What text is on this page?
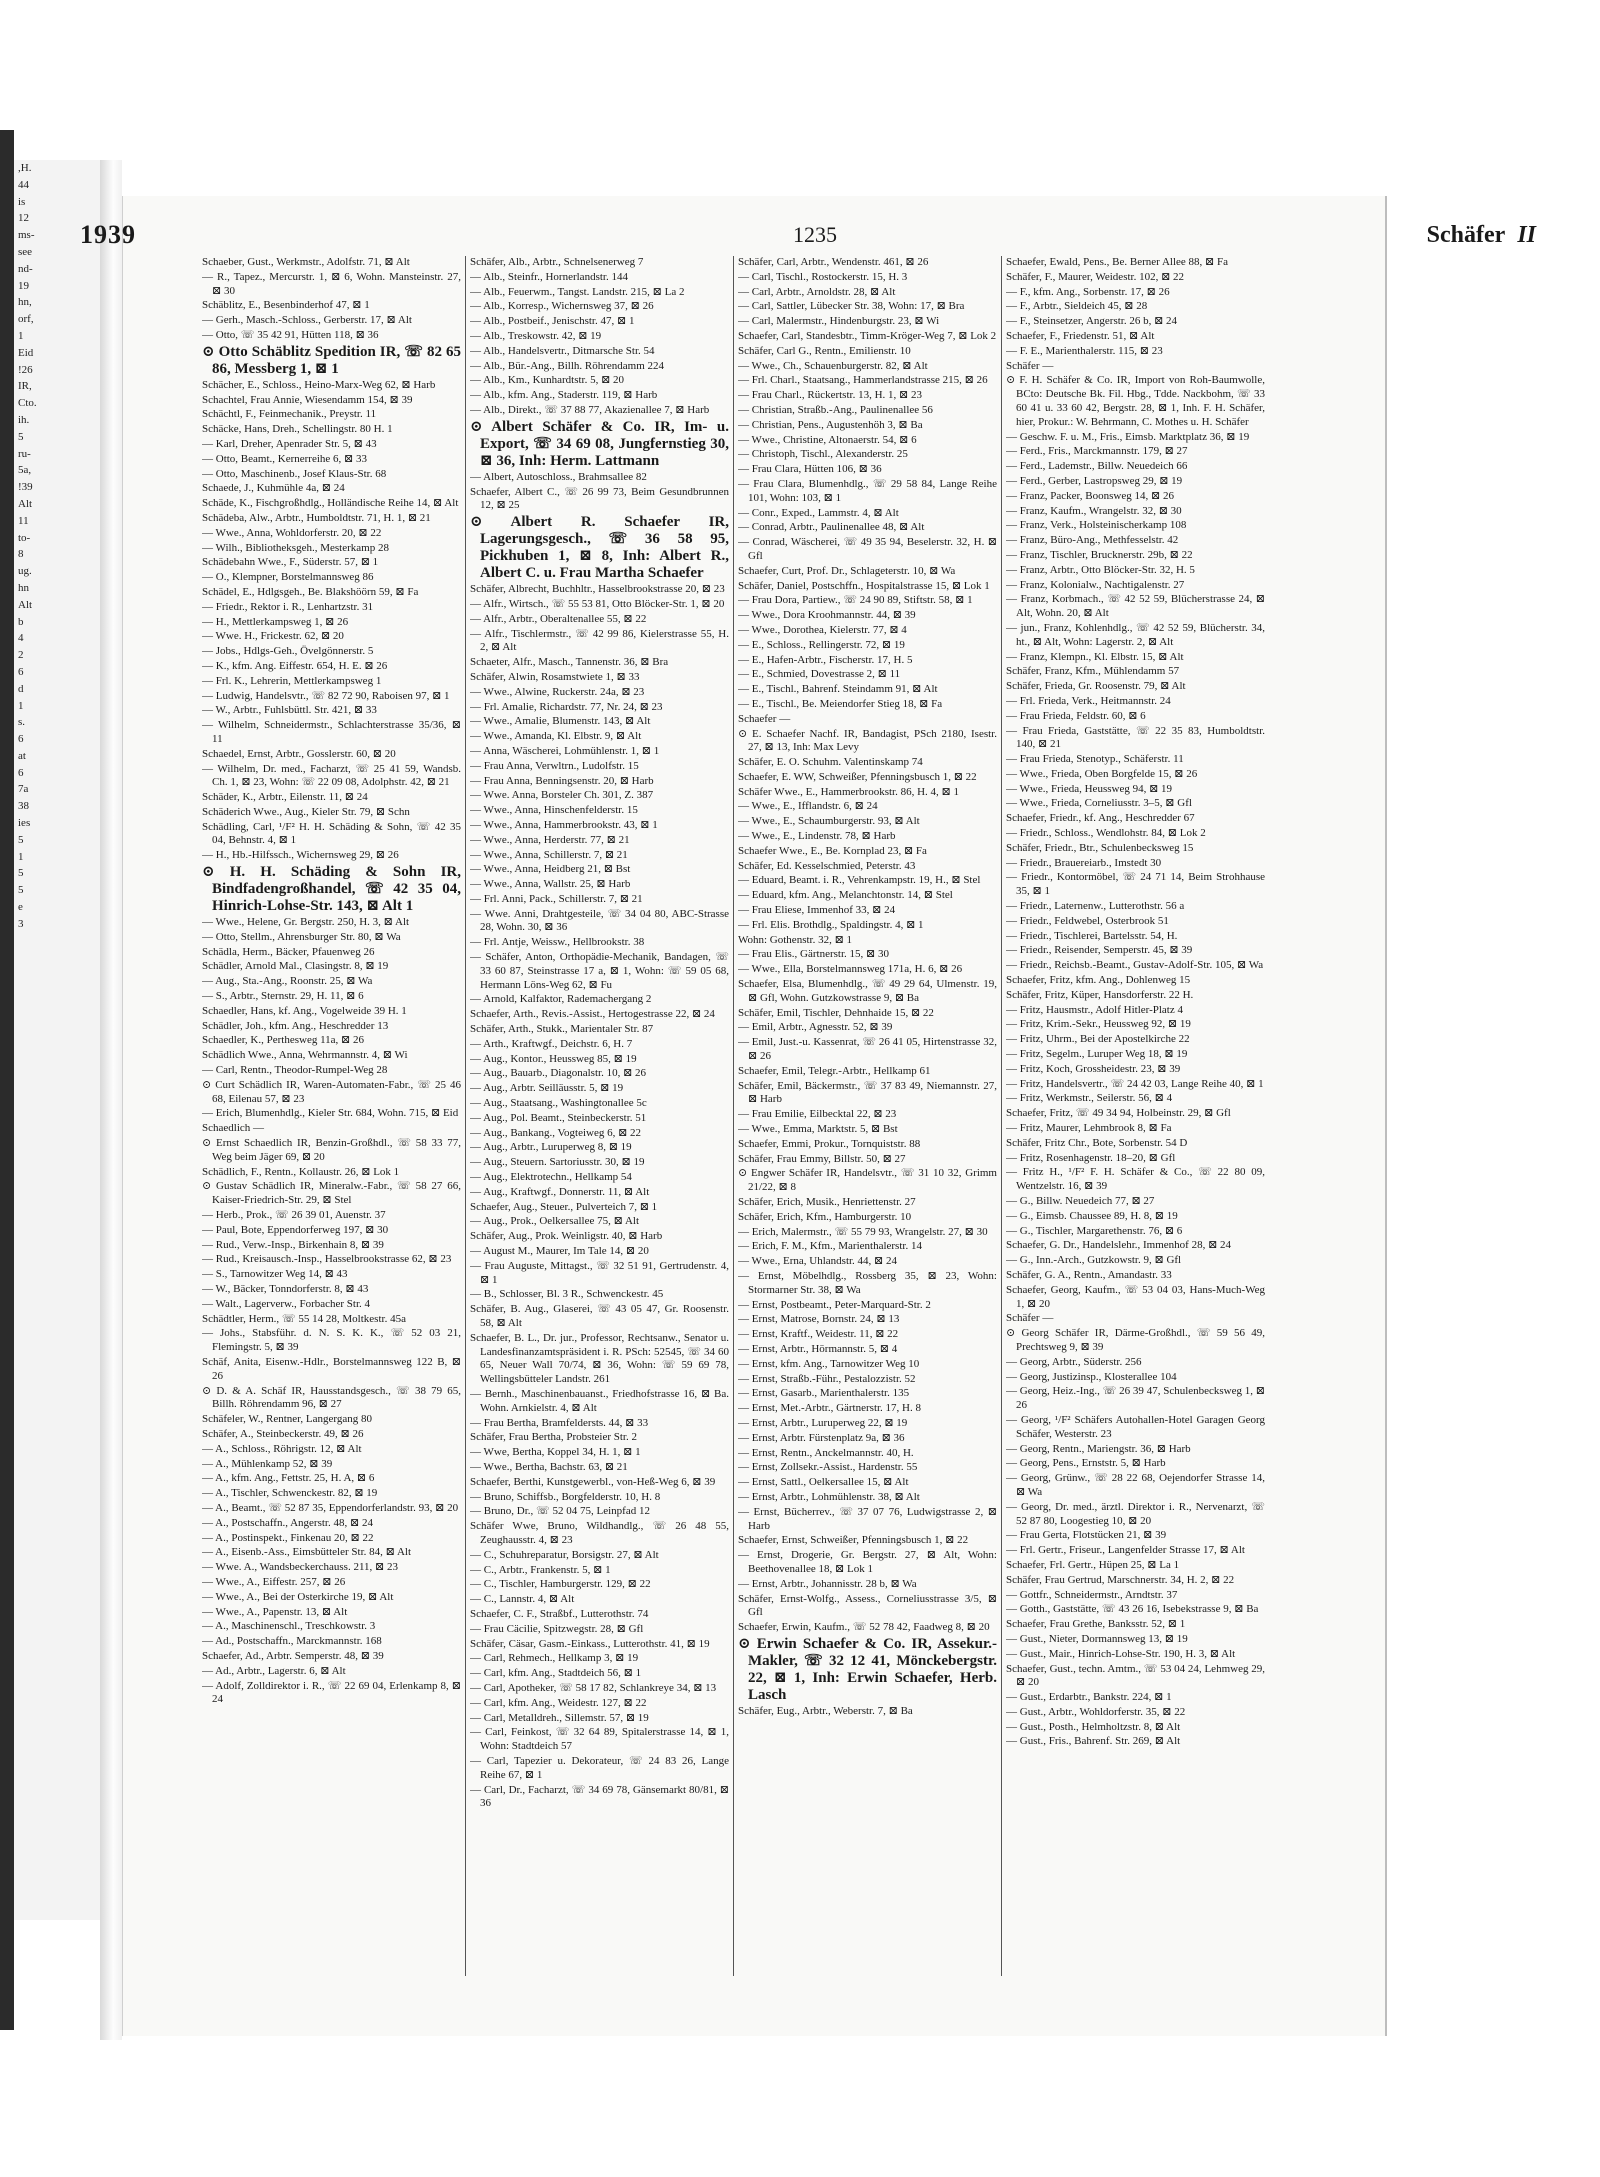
,H.
44
is
12
ms-
see
nd-
19
hn,
orf,
1
Eid
!26
IR,
Cto.
ih.
5
ru-
5a,
!39
Alt
11
to-
8
ug.
hn
Alt
b
4
2
6
d
1
s.
6
at
6
7a
38
ies
5
1
5
5
e
3
1939	1235	Schäfer II
Schaeber, Gust., Werkmstr., Adolfstr. 71, ⊠ Alt
— R., Tapez., Mercurstr. 1, ⊠ 6, Wohn. Mansteinstr. 27, ⊠ 30
Schäblitz, E., Besenbinderhof 47, ⊠ 1
— Gerh., Masch.-Schloss., Gerberstr. 17, ⊠ Alt
— Otto, ☏ 35 42 91, Hütten 118, ⊠ 36
⊙ Otto Schäblitz Spedition IR, ☏ 82 65 86, Messberg 1, ⊠ 1
Schächer, E., Schloss., Heino-Marx-Weg 62, ⊠ Harb
Schachtel, Frau Annie, Wiesendamm 154, ⊠ 39
Schächtl, F., Feinmechanik., Preystr. 11
Schäcke, Hans, Dreh., Schellingstr. 80 H. 1
— Karl, Dreher, Apenrader Str. 5, ⊠ 43
— Otto, Beamt., Kernerreihe 6, ⊠ 33
— Otto, Maschinenb., Josef Klaus-Str. 68
Schaede, J., Kuhmühle 4a, ⊠ 24
Schäde, K., Fischgroßhdlg., Holländische Reihe 14, ⊠ Alt
Schädeba, Alw., Arbtr., Humboldtstr. 71, H. 1, ⊠ 21
— Wwe., Anna, Wohldorferstr. 20, ⊠ 22
— Wilh., Bibliotheksgeh., Mesterkamp 28
Schädebahn Wwe., F., Süderstr. 57, ⊠ 1
— O., Klempner, Borstelmannsweg 86
Schädel, E., Hdlgsgeh., Be. Blakshöörn 59, ⊠ Fa
— Friedr., Rektor i. R., Lenhartzstr. 31
— H., Mettlerkampsweg 1, ⊠ 26
— Wwe. H., Frickestr. 62, ⊠ 20
— Jobs., Hdlgs-Geh., Övelgönnerstr. 5
— K., kfm. Ang. Eiffestr. 654, H. E. ⊠ 26
— Frl. K., Lehrerin, Mettlerkampsweg 1
— Ludwig, Handelsvtr., ☏ 82 72 90, Raboisen 97, ⊠ 1
— W., Arbtr., Fuhlsbüttl. Str. 421, ⊠ 33
— Wilhelm, Schneidermstr., Schlachterstrasse 35/36, ⊠ 11
Schaedel, Ernst, Arbtr., Gosslerstr. 60, ⊠ 20
— Wilhelm, Dr. med., Facharzt, ☏ 25 41 59, Wandsb. Ch. 1, ⊠ 23, Wohn: ☏ 22 09 08, Adolphstr. 42, ⊠ 21
Schäder, K., Arbtr., Eilenstr. 11, ⊠ 24
Schäderich Wwe., Aug., Kieler Str. 79, ⊠ Schn
Schädling, Carl, ¹/F² H. H. Schäding & Sohn, ☏ 42 35 04, Behnstr. 4, ⊠ 1
— H., Hb.-Hilfssch., Wichernsweg 29, ⊠ 26
⊙ H. H. Schäding & Sohn IR, Bindfadengroßhandel, ☏ 42 35 04, Hinrich-Lohse-Str. 143, ⊠ Alt 1
— Wwe., Helene, Gr. Bergstr. 250, H. 3, ⊠ Alt
— Otto, Stellm., Ahrensburger Str. 80, ⊠ Wa
Schädla, Herm., Bäcker, Pfauenweg 26
Schädler, Arnold Mal., Clasingstr. 8, ⊠ 19
— Aug., Sta.-Ang., Roonstr. 25, ⊠ Wa
— S., Arbtr., Sternstr. 29, H. 11, ⊠ 6
Schaedler, Hans, kf. Ang., Vogelweide 39 H. 1
Schädler, Joh., kfm. Ang., Heschredder 13
Schaedler, K., Perthesweg 11a, ⊠ 26
Schädlich Wwe., Anna, Wehrmannstr. 4, ⊠ Wi
— Carl, Rentn., Theodor-Rumpel-Weg 28
⊙ Curt Schädlich IR, Waren-Automaten-Fabr., ☏ 25 46 68, Eilenau 57, ⊠ 23
— Erich, Blumenhdlg., Kieler Str. 684, Wohn. 715, ⊠ Eid
Schaedlich —
⊙ Ernst Schaedlich IR, Benzin-Großhdl., ☏ 58 33 77, Weg beim Jäger 69, ⊠ 20
Schädlich, F., Rentn., Kollaustr. 26, ⊠ Lok 1
⊙ Gustav Schädlich IR, Mineralw.-Fabr., ☏ 58 27 66, Kaiser-Friedrich-Str. 29, ⊠ Stel
— Herb., Prok., ☏ 26 39 01, Auenstr. 37
— Paul, Bote, Eppendorferweg 197, ⊠ 30
— Rud., Verw.-Insp., Birkenhain 8, ⊠ 39
— Rud., Kreisausch.-Insp., Hasselbrookstrasse 62, ⊠ 23
— S., Tarnowitzer Weg 14, ⊠ 43
— W., Bäcker, Tonndorferstr. 8, ⊠ 43
— Walt., Lagerverw., Forbacher Str. 4
Schädtler, Herm., ☏ 55 14 28, Moltkestr. 45a
— Johs., Stabsführ. d. N. S. K. K., ☏ 52 03 21, Flemingstr. 5, ⊠ 39
Schäf, Anita, Eisenw.-Hdlr., Borstelmannsweg 122 B, ⊠ 26
⊙ D. & A. Schäf IR, Hausstandsgesch., ☏ 38 79 65, Billh. Röhrendamm 96, ⊠ 27
Schäfeler, W., Rentner, Langergang 80
Schäfer, A., Steinbeckerstr. 49, ⊠ 26
— A., Schloss., Röhrigstr. 12, ⊠ Alt
— A., Mühlenkamp 52, ⊠ 39
— A., kfm. Ang., Fettstr. 25, H. A, ⊠ 6
— A., Tischler, Schwenckestr. 82, ⊠ 19
— A., Beamt., ☏ 52 87 35, Eppendorferlandstr. 93, ⊠ 20
— A., Postschaffn., Angerstr. 48, ⊠ 24
— A., Postinspekt., Finkenau 20, ⊠ 22
— A., Eisenb.-Ass., Eimsbütteler Str. 84, ⊠ Alt
— Wwe. A., Wandsbeckerchauss. 211, ⊠ 23
— Wwe., A., Eiffestr. 257, ⊠ 26
— Wwe., A., Bei der Osterkirche 19, ⊠ Alt
— Wwe., A., Papenstr. 13, ⊠ Alt
— A., Maschinenschl., Treschkowstr. 3
— Ad., Postschaffn., Marckmannstr. 168
Schaefer, Ad., Arbtr. Semperstr. 48, ⊠ 39
— Ad., Arbtr., Lagerstr. 6, ⊠ Alt
— Adolf, Zolldirektor i. R., ☏ 22 69 04, Erlenkamp 8, ⊠ 24
Schäfer, Alb., Arbtr., Schnelsenerweg 7
— Alb., Steinfr., Hornerlandstr. 144
— Alb., Feuerwm., Tangst. Landstr. 215, ⊠ La 2
— Alb., Korresp., Wichernsweg 37, ⊠ 26
— Alb., Postbeif., Jenischstr. 47, ⊠ 1
— Alb., Treskowstr. 42, ⊠ 19
— Alb., Handelsvertr., Ditmarsche Str. 54
— Alb., Bür.-Ang., Billh. Röhrendamm 224
— Alb., Km., Kunhardtstr. 5, ⊠ 20
— Alb., kfm. Ang., Staderstr. 119, ⊠ Harb
— Alb., Direkt., ☏ 37 88 77, Akazienallee 7, ⊠ Harb
⊙ Albert Schäfer & Co. IR, Im- u. Export, ☏ 34 69 08, Jungfernstieg 30, ⊠ 36, Inh: Herm. Lattmann
— Albert, Autoschloss., Brahmsallee 82
Schaefer, Albert C., ☏ 26 99 73, Beim Gesundbrunnen 12, ⊠ 25
⊙ Albert R. Schaefer IR, Lagerungsgesch., ☏ 36 58 95, Pickhuben 1, ⊠ 8, Inh: Albert R., Albert C. u. Frau Martha Schaefer
Schäfer, Albrecht, Buchhltr., Hasselbrookstrasse 20, ⊠ 23
— Alfr., Wirtsch., ☏ 55 53 81, Otto Blöcker-Str. 1, ⊠ 20
— Alfr., Arbtr., Oberaltenallee 55, ⊠ 22
— Alfr., Tischlermstr., ☏ 42 99 86, Kielerstrasse 55, H. 2, ⊠ Alt
Schaeter, Alfr., Masch., Tannenstr. 36, ⊠ Bra
Schäfer, Alwin, Rosamstwiete 1, ⊠ 33
— Wwe., Alwine, Ruckerstr. 24a, ⊠ 23
— Frl. Amalie, Richardstr. 77, Nr. 24, ⊠ 23
— Wwe., Amalie, Blumenstr. 143, ⊠ Alt
— Wwe., Amanda, Kl. Elbstr. 9, ⊠ Alt
— Anna, Wäscherei, Lohmühlenstr. 1, ⊠ 1
— Frau Anna, Verwltrn., Ludolfstr. 15
— Frau Anna, Benningsenstr. 20, ⊠ Harb
— Wwe. Anna, Borsteler Ch. 301, Z. 387
— Wwe., Anna, Hinschenfelderstr. 15
— Wwe., Anna, Hammerbrookstr. 43, ⊠ 1
— Wwe., Anna, Herderstr. 77, ⊠ 21
— Wwe., Anna, Schillerstr. 7, ⊠ 21
— Wwe., Anna, Heidberg 21, ⊠ Bst
— Wwe., Anna, Wallstr. 25, ⊠ Harb
— Frl. Anni, Pack., Schillerstr. 7, ⊠ 21
— Wwe. Anni, Drahtgesteile, ☏ 34 04 80, ABC-Strasse 28, Wohn. 30, ⊠ 36
— Frl. Antje, Weissw., Hellbrookstr. 38
— Schäfer, Anton, Orthopädie-Mechanik, Bandagen, ☏ 33 60 87, Steinstrasse 17 a, ⊠ 1, Wohn: ☏ 59 05 68, Hermann Löns-Weg 62, ⊠ Fu
— Arnold, Kalfaktor, Rademachergang 2
Schaefer, Arth., Revis.-Assist., Hertogestrasse 22, ⊠ 24
Schäfer, Arth., Stukk., Marientaler Str. 87
— Arth., Kraftwgf., Deichstr. 6, H. 7
— Aug., Kontor., Heussweg 85, ⊠ 19
— Aug., Bauarb., Diagonalstr. 10, ⊠ 26
— Aug., Arbtr. Seilläusstr. 5, ⊠ 19
— Aug., Staatsang., Washingtonallee 5c
— Aug., Pol. Beamt., Steinbeckerstr. 51
— Aug., Bankang., Vogteiweg 6, ⊠ 22
— Aug., Arbtr., Luruperweg 8, ⊠ 19
— Aug., Steuern. Sartoriusstr. 30, ⊠ 19
— Aug., Elektrotechn., Hellkamp 54
— Aug., Kraftwgf., Donnerstr. 11, ⊠ Alt
Schaefer, Aug., Steuer., Pulverteich 7, ⊠ 1
— Aug., Prok., Oelkersallee 75, ⊠ Alt
Schäfer, Aug., Prok. Weinligstr. 40, ⊠ Harb
— August M., Maurer, Im Tale 14, ⊠ 20
— Frau Auguste, Mittagst., ☏ 32 51 91, Gertrudenstr. 4, ⊠ 1
— B., Schlosser, Bl. 3 R., Schwenckestr. 45
Schäfer, B. Aug., Glaserei, ☏ 43 05 47, Gr. Roosenstr. 58, ⊠ Alt
Schaefer, B. L., Dr. jur., Professor, Rechtsanw., Senator u. Landesfinanzamtspräsident i. R. PSch: 52545, ☏ 34 60 65, Neuer Wall 70/74, ⊠ 36, Wohn: ☏ 59 69 78, Wellingsbütteler Landstr. 261
— Bernh., Maschinenbauanst., Friedhofstrasse 16, ⊠ Ba. Wohn. Arnkielstr. 4, ⊠ Alt
— Frau Bertha, Bramfeldersts. 44, ⊠ 33
Schäfer, Frau Bertha, Probsteier Str. 2
— Wwe, Bertha, Koppel 34, H. 1, ⊠ 1
— Wwe., Bertha, Bachstr. 63, ⊠ 21
Schaefer, Berthi, Kunstgewerbl., von-Heß-Weg 6, ⊠ 39
— Bruno, Schiffsb., Borgfelderstr. 10, H. 8
— Bruno, Dr., ☏ 52 04 75, Leinpfad 12
Schäfer Wwe, Bruno, Wildhandlg., ☏ 26 48 55, Zeughausstr. 4, ⊠ 23
— C., Schuhreparatur, Borsigstr. 27, ⊠ Alt
— C., Arbtr., Frankenstr. 5, ⊠ 1
— C., Tischler, Hamburgerstr. 129, ⊠ 22
— C., Lannstr. 4, ⊠ Alt
Schaefer, C. F., Straßbf., Lutterothstr. 74
— Frau Cäcilie, Spitzwegstr. 28, ⊠ Gfl
Schäfer, Cäsar, Gasm.-Einkass., Lutterothstr. 41, ⊠ 19
— Carl, Rehmech., Hellkamp 3, ⊠ 19
— Carl, kfm. Ang., Stadtdeich 56, ⊠ 1
— Carl, Apotheker, ☏ 58 17 82, Schlankreye 34, ⊠ 13
— Carl, kfm. Ang., Weidestr. 127, ⊠ 22
— Carl, Metalldreh., Sillemstr. 57, ⊠ 19
— Carl, Feinkost, ☏ 32 64 89, Spitalerstrasse 14, ⊠ 1, Wohn: Stadtdeich 57
— Carl, Tapezier u. Dekorateur, ☏ 24 83 26, Lange Reihe 67, ⊠ 1
— Carl, Dr., Facharzt, ☏ 34 69 78, Gänsemarkt 80/81, ⊠ 36
Schäfer, Carl, Arbtr., Wendenstr. 461, ⊠ 26
— Carl, Tischl., Rostockerstr. 15, H. 3
— Carl, Arbtr., Arnoldstr. 28, ⊠ Alt
— Carl, Sattler, Lübecker Str. 38, Wohn: 17, ⊠ Bra
— Carl, Malermstr., Hindenburgstr. 23, ⊠ Wi
Schaefer, Carl, Standesbtr., Timm-Kröger-Weg 7, ⊠ Lok 2
Schäfer, Carl G., Rentn., Emilienstr. 10
— Wwe., Ch., Schauenburgerstr. 82, ⊠ Alt
— Frl. Charl., Staatsang., Hammerlandstrasse 215, ⊠ 26
— Frau Charl., Rückertstr. 13, H. 1, ⊠ 23
— Christian, Straßb.-Ang., Paulinenallee 56
— Christian, Pens., Augustenhöh 3, ⊠ Ba
— Wwe., Christine, Altonaerstr. 54, ⊠ 6
— Christoph, Tischl., Alexanderstr. 25
— Frau Clara, Hütten 106, ⊠ 36
— Frau Clara, Blumenhdlg., ☏ 29 58 84, Lange Reihe 101, Wohn: 103, ⊠ 1
— Conr., Exped., Lammstr. 4, ⊠ Alt
— Conrad, Arbtr., Paulinenallee 48, ⊠ Alt
— Conrad, Wäscherei, ☏ 49 35 94, Beselerstr. 32, H. ⊠ Gfl
Schaefer, Curt, Prof. Dr., Schlageterstr. 10, ⊠ Wa
Schäfer, Daniel, Postschffn., Hospitalstrasse 15, ⊠ Lok 1
— Frau Dora, Partiew., ☏ 24 90 89, Stiftstr. 58, ⊠ 1
— Wwe., Dora Kroohmannstr. 44, ⊠ 39
— Wwe., Dorothea, Kielerstr. 77, ⊠ 4
— E., Schloss., Rellingerstr. 72, ⊠ 19
— E., Hafen-Arbtr., Fischerstr. 17, H. 5
— E., Schmied, Dovestrasse 2, ⊠ 11
— E., Tischl., Bahrenf. Steindamm 91, ⊠ Alt
— E., Tischl., Be. Meiendorfer Stieg 18, ⊠ Fa
Schaefer —
⊙ E. Schaefer Nachf. IR, Bandagist, PSch 2180, Isestr. 27, ⊠ 13, Inh: Max Levy
Schäfer, E. O. Schuhm. Valentinskamp 74
Schaefer, E. WW, Schweißer, Pfenningsbusch 1, ⊠ 22
Schäfer Wwe., E., Hammerbrookstr. 86, H. 4, ⊠ 1
— Wwe., E., Ifflandstr. 6, ⊠ 24
— Wwe., E., Schaumburgerstr. 93, ⊠ Alt
— Wwe., E., Lindenstr. 78, ⊠ Harb
Schaefer Wwe., E., Be. Kornplad 23, ⊠ Fa
Schäfer, Ed. Kesselschmied, Peterstr. 43
— Eduard, Beamt. i. R., Vehrenkampstr. 19, H., ⊠ Stel
— Eduard, kfm. Ang., Melanchtonstr. 14, ⊠ Stel
— Frau Eliese, Immenhof 33, ⊠ 24
— Frl. Elis. Brothdlg., Spaldingstr. 4, ⊠ 1
Wohn: Gothenstr. 32, ⊠ 1
— Frau Elis., Gärtnerstr. 15, ⊠ 30
— Wwe., Ella, Borstelmannsweg 171a, H. 6, ⊠ 26
Schaefer, Elsa, Blumenhdlg., ☏ 49 29 64, Ulmenstr. 19, ⊠ Gfl, Wohn. Gutzkowstrasse 9, ⊠ Ba
Schäfer, Emil, Tischler, Dehnhaide 15, ⊠ 22
— Emil, Arbtr., Agnesstr. 52, ⊠ 39
— Emil, Just.-u. Kassenrat, ☏ 26 41 05, Hirtenstrasse 32, ⊠ 26
Schaefer, Emil, Telegr.-Arbtr., Hellkamp 61
Schäfer, Emil, Bäckermstr., ☏ 37 83 49, Niemannstr. 27, ⊠ Harb
— Frau Emilie, Eilbecktal 22, ⊠ 23
— Wwe., Emma, Marktstr. 5, ⊠ Bst
Schaefer, Emmi, Prokur., Tornquiststr. 88
Schäfer, Frau Emmy, Billstr. 50, ⊠ 27
⊙ Engwer Schäfer IR, Handelsvtr., ☏ 31 10 32, Grimm 21/22, ⊠ 8
Schäfer, Erich, Musik., Henriettenstr. 27
Schäfer, Erich, Kfm., Hamburgerstr. 10
— Erich, Malermstr., ☏ 55 79 93, Wrangelstr. 27, ⊠ 30
— Erich, F. M., Kfm., Marienthalerstr. 14
— Wwe., Erna, Uhlandstr. 44, ⊠ 24
— Ernst, Möbelhdlg., Rossberg 35, ⊠ 23, Wohn: Stormarner Str. 38, ⊠ Wa
— Ernst, Postbeamt., Peter-Marquard-Str. 2
— Ernst, Matrose, Bornstr. 24, ⊠ 13
— Ernst, Kraftf., Weidestr. 11, ⊠ 22
— Ernst, Arbtr., Hörmannstr. 5, ⊠ 4
— Ernst, kfm. Ang., Tarnowitzer Weg 10
— Ernst, Straßb.-Führ., Pestalozzistr. 52
— Ernst, Gasarb., Marienthalerstr. 135
— Ernst, Met.-Arbtr., Gärtnerstr. 17, H. 8
— Ernst, Arbtr., Luruperweg 22, ⊠ 19
— Ernst, Arbtr. Fürstenplatz 9a, ⊠ 36
— Ernst, Rentn., Anckelmannstr. 40, H.
— Ernst, Zollsekr.-Assist., Hardenstr. 55
— Ernst, Sattl., Oelkersallee 15, ⊠ Alt
— Ernst, Arbtr., Lohmühlenstr. 38, ⊠ Alt
— Ernst, Bücherrev., ☏ 37 07 76, Ludwigstrasse 2, ⊠ Harb
Schaefer, Ernst, Schweißer, Pfenningsbusch 1, ⊠ 22
— Ernst, Drogerie, Gr. Bergstr. 27, ⊠ Alt, Wohn: Beethovenallee 18, ⊠ Lok 1
— Ernst, Arbtr., Johannisstr. 28 b, ⊠ Wa
Schäfer, Ernst-Wolfg., Assess., Corneliusstrasse 3/5, ⊠ Gfl
Schaefer, Erwin, Kaufm., ☏ 52 78 42, Faadweg 8, ⊠ 20
⊙ Erwin Schaefer & Co. IR, Assekur.-Makler, ☏ 32 12 41, Mönckebergstr. 22, ⊠ 1, Inh: Erwin Schaefer, Herb. Lasch
Schäfer, Eug., Arbtr., Weberstr. 7, ⊠ Ba
Schaefer, Ewald, Pens., Be. Berner Allee 88, ⊠ Fa
Schäfer, F., Maurer, Weidestr. 102, ⊠ 22
— F., kfm. Ang., Sorbenstr. 17, ⊠ 26
— F., Arbtr., Sieldeich 45, ⊠ 28
— F., Steinsetzer, Angerstr. 26 b, ⊠ 24
Schaefer, F., Friedenstr. 51, ⊠ Alt
— F. E., Marienthalerstr. 115, ⊠ 23
Schäfer —
⊙ F. H. Schäfer & Co. IR, Import von Roh-Baumwolle, BCto: Deutsche Bk. Fil. Hbg., Tdde. Nackbohm, ☏ 33 60 41 u. 33 60 42, Bergstr. 28, ⊠ 1, Inh. F. H. Schäfer, hier, Prokur.: W. Behrmann, C. Mothes u. H. Schäfer
— Geschw. F. u. M., Fris., Eimsb. Marktplatz 36, ⊠ 19
— Ferd., Fris., Marckmannstr. 179, ⊠ 27
— Ferd., Lademstr., Billw. Neuedeich 66
— Ferd., Gerber, Lastropsweg 29, ⊠ 19
— Franz, Packer, Boonsweg 14, ⊠ 26
— Franz, Kaufm., Wrangelstr. 32, ⊠ 30
— Franz, Verk., Holsteinischerkamp 108
— Franz, Büro-Ang., Methfesselstr. 42
— Franz, Tischler, Brucknerstr. 29b, ⊠ 22
— Franz, Arbtr., Otto Blöcker-Str. 32, H. 5
— Franz, Kolonialw., Nachtigalenstr. 27
— Franz, Korbmach., ☏ 42 52 59, Blücherstrasse 24, ⊠ Alt, Wohn. 20, ⊠ Alt
— jun., Franz, Kohlenhdlg., ☏ 42 52 59, Blücherstr. 34, ht., ⊠ Alt, Wohn: Lagerstr. 2, ⊠ Alt
— Franz, Klempn., Kl. Elbstr. 15, ⊠ Alt
Schäfer, Franz, Kfm., Mühlendamm 57
Schäfer, Frieda, Gr. Roosenstr. 79, ⊠ Alt
— Frl. Frieda, Verk., Heitmannstr. 24
— Frau Frieda, Feldstr. 60, ⊠ 6
— Frau Frieda, Gaststätte, ☏ 22 35 83, Humboldtstr. 140, ⊠ 21
— Frau Frieda, Stenotyp., Schäferstr. 11
— Wwe., Frieda, Oben Borgfelde 15, ⊠ 26
— Wwe., Frieda, Heussweg 94, ⊠ 19
— Wwe., Frieda, Corneliusstr. 3–5, ⊠ Gfl
Schaefer, Friedr., kf. Ang., Heschredder 67
— Friedr., Schloss., Wendlohstr. 84, ⊠ Lok 2
Schäfer, Friedr., Btr., Schulenbecksweg 15
— Friedr., Brauereiarb., Imstedt 30
— Friedr., Kontormöbel, ☏ 24 71 14, Beim Strohhause 35, ⊠ 1
— Friedr., Laternenw., Lutterothstr. 56 a
— Friedr., Feldwebel, Osterbrook 51
— Friedr., Tischlerei, Bartelsstr. 54, H.
— Friedr., Reisender, Semperstr. 45, ⊠ 39
— Friedr., Reichsb.-Beamt., Gustav-Adolf-Str. 105, ⊠ Wa
Schaefer, Fritz, kfm. Ang., Dohlenweg 15
Schäfer, Fritz, Küper, Hansdorferstr. 22 H.
— Fritz, Hausmstr., Adolf Hitler-Platz 4
— Fritz, Krim.-Sekr., Heussweg 92, ⊠ 19
— Fritz, Uhrm., Bei der Apostelkirche 22
— Fritz, Segelm., Luruper Weg 18, ⊠ 19
— Fritz, Koch, Grossheidestr. 23, ⊠ 39
— Fritz, Handelsvertr., ☏ 24 42 03, Lange Reihe 40, ⊠ 1
— Fritz, Werkmstr., Seilerstr. 56, ⊠ 4
Schaefer, Fritz, ☏ 49 34 94, Holbeinstr. 29, ⊠ Gfl
— Fritz, Maurer, Lehmbrook 8, ⊠ Fa
Schäfer, Fritz Chr., Bote, Sorbenstr. 54 D
— Fritz, Rosenhagenstr. 18–20, ⊠ Gfl
— Fritz H., ¹/F² F. H. Schäfer & Co., ☏ 22 80 09, Wentzelstr. 16, ⊠ 39
— G., Billw. Neuedeich 77, ⊠ 27
— G., Eimsb. Chaussee 89, H. 8, ⊠ 19
— G., Tischler, Margarethenstr. 76, ⊠ 6
Schaefer, G. Dr., Handelslehr., Immenhof 28, ⊠ 24
— G., Inn.-Arch., Gutzkowstr. 9, ⊠ Gfl
Schäfer, G. A., Rentn., Amandastr. 33
Schaefer, Georg, Kaufm., ☏ 53 04 03, Hans-Much-Weg 1, ⊠ 20
Schäfer —
⊙ Georg Schäfer IR, Därme-Großhdl., ☏ 59 56 49, Prechtsweg 9, ⊠ 39
— Georg, Arbtr., Süderstr. 256
— Georg, Justizinsp., Klosterallee 104
— Georg, Heiz.-Ing., ☏ 26 39 47, Schulenbecksweg 1, ⊠ 26
— Georg, ¹/F² Schäfers Autohallen-Hotel Garagen Georg Schäfer, Westerstr. 23
— Georg, Rentn., Mariengstr. 36, ⊠ Harb
— Georg, Pens., Ernststr. 5, ⊠ Harb
— Georg, Grünw., ☏ 28 22 68, Oejendorfer Strasse 14, ⊠ Wa
— Georg, Dr. med., ärztl. Direktor i. R., Nervenarzt, ☏ 52 87 80, Loogestieg 10, ⊠ 20
— Frau Gerta, Flotstücken 21, ⊠ 39
— Frl. Gertr., Friseur., Langenfelder Strasse 17, ⊠ Alt
Schaefer, Frl. Gertr., Hüpen 25, ⊠ La 1
Schäfer, Frau Gertrud, Marschnerstr. 34, H. 2, ⊠ 22
— Gottfr., Schneidermstr., Arndtstr. 37
— Gotth., Gaststätte, ☏ 43 26 16, Isebekstrasse 9, ⊠ Ba
Schaefer, Frau Grethe, Banksstr. 52, ⊠ 1
— Gust., Nieter, Dormannsweg 13, ⊠ 19
— Gust., Mair., Hinrich-Lohse-Str. 190, H. 3, ⊠ Alt
Schaefer, Gust., techn. Amtm., ☏ 53 04 24, Lehmweg 29, ⊠ 20
— Gust., Erdarbtr., Bankstr. 224, ⊠ 1
— Gust., Arbtr., Wohldorferstr. 35, ⊠ 22
— Gust., Posth., Helmholtzstr. 8, ⊠ Alt
— Gust., Fris., Bahrenf. Str. 269, ⊠ Alt
